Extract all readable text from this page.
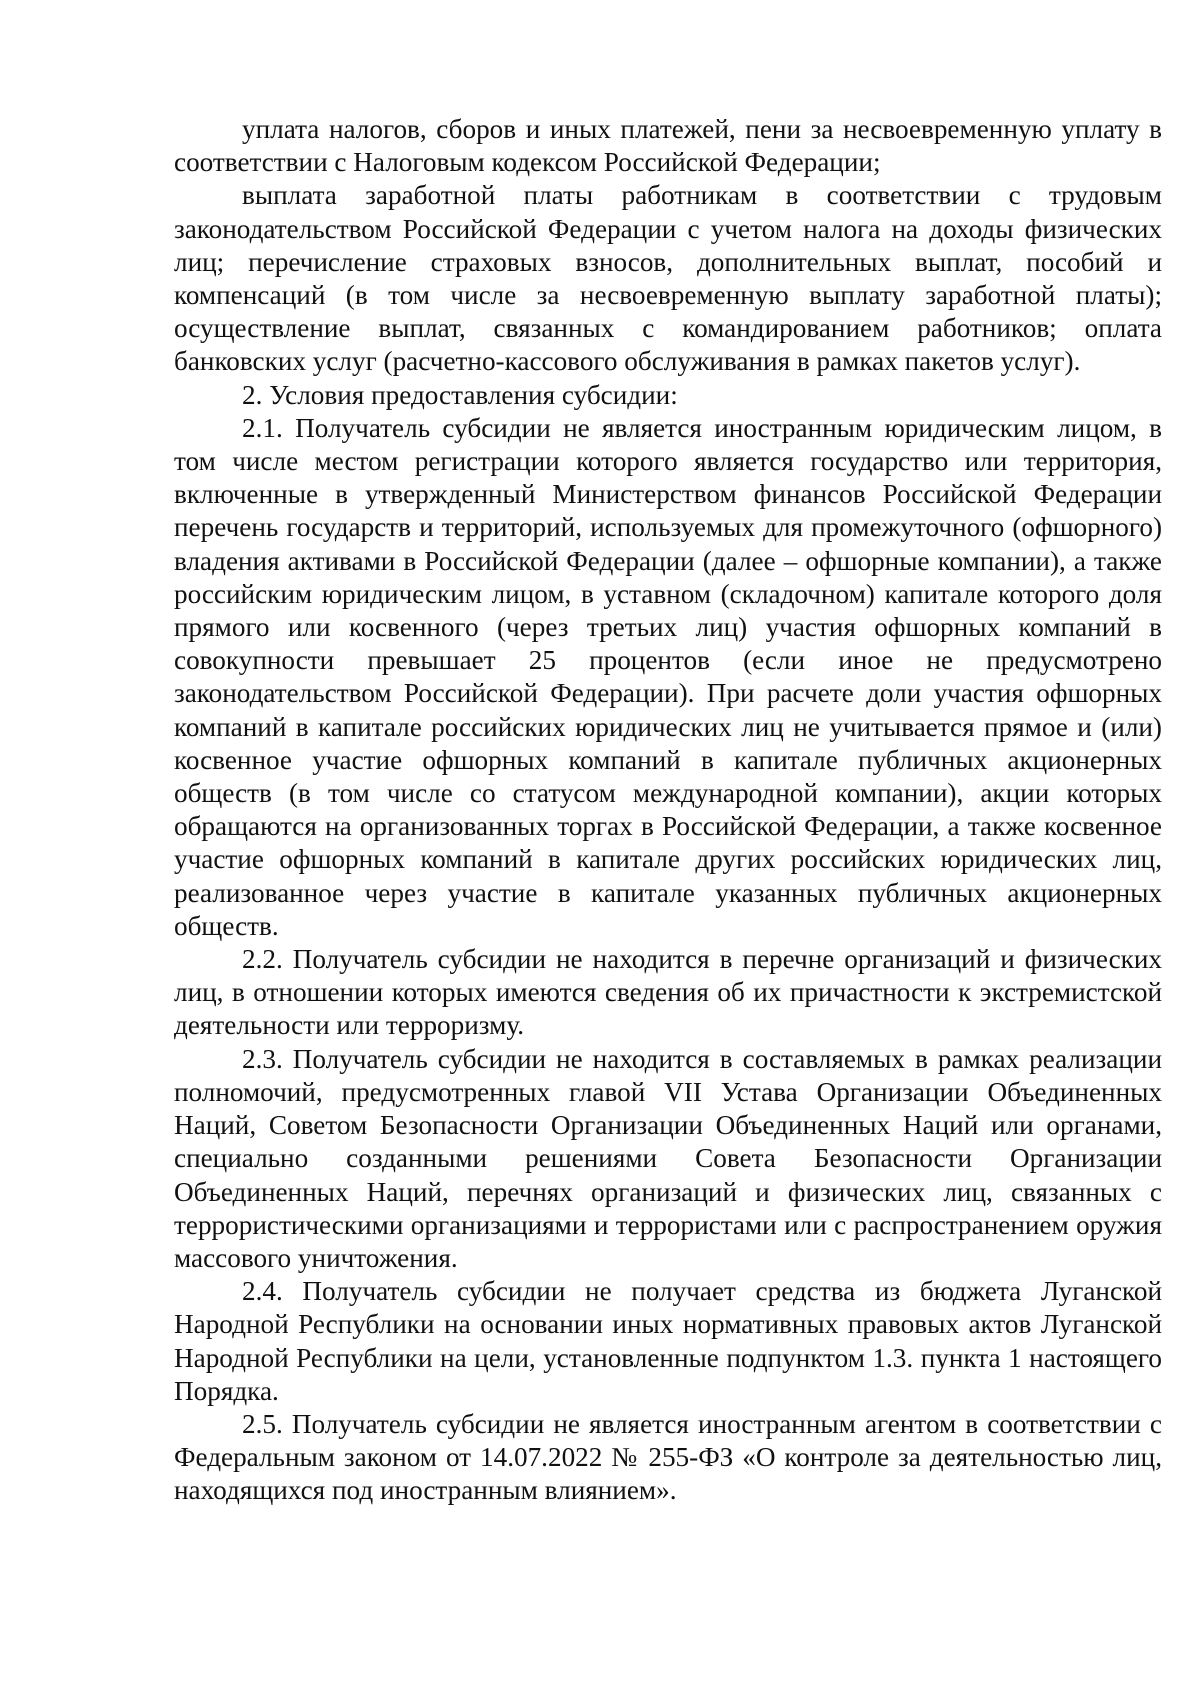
уплата налогов, сборов и иных платежей, пени за несвоевременную уплату в соответствии с Налоговым кодексом Российской Федерации;

выплата заработной платы работникам в соответствии с трудовым законодательством Российской Федерации с учетом налога на доходы физических лиц; перечисление страховых взносов, дополнительных выплат, пособий и компенсаций (в том числе за несвоевременную выплату заработной платы); осуществление выплат, связанных с командированием работников; оплата банковских услуг (расчетно-кассового обслуживания в рамках пакетов услуг).

2. Условия предоставления субсидии:

2.1. Получатель субсидии не является иностранным юридическим лицом, в том числе местом регистрации которого является государство или территория, включенные в утвержденный Министерством финансов Российской Федерации перечень государств и территорий, используемых для промежуточного (офшорного) владения активами в Российской Федерации (далее – офшорные компании), а также российским юридическим лицом, в уставном (складочном) капитале которого доля прямого или косвенного (через третьих лиц) участия офшорных компаний в совокупности превышает 25 процентов (если иное не предусмотрено законодательством Российской Федерации). При расчете доли участия офшорных компаний в капитале российских юридических лиц не учитывается прямое и (или) косвенное участие офшорных компаний в капитале публичных акционерных обществ (в том числе со статусом международной компании), акции которых обращаются на организованных торгах в Российской Федерации, а также косвенное участие офшорных компаний в капитале других российских юридических лиц, реализованное через участие в капитале указанных публичных акционерных обществ.

2.2. Получатель субсидии не находится в перечне организаций и физических лиц, в отношении которых имеются сведения об их причастности к экстремистской деятельности или терроризму.

2.3. Получатель субсидии не находится в составляемых в рамках реализации полномочий, предусмотренных главой VII Устава Организации Объединенных Наций, Советом Безопасности Организации Объединенных Наций или органами, специально созданными решениями Совета Безопасности Организации Объединенных Наций, перечнях организаций и физических лиц, связанных с террористическими организациями и террористами или с распространением оружия массового уничтожения.

2.4. Получатель субсидии не получает средства из бюджета Луганской Народной Республики на основании иных нормативных правовых актов Луганской Народной Республики на цели, установленные подпунктом 1.3. пункта 1 настоящего Порядка.

2.5. Получатель субсидии не является иностранным агентом в соответствии с Федеральным законом от 14.07.2022 № 255-ФЗ «О контроле за деятельностью лиц, находящихся под иностранным влиянием».
